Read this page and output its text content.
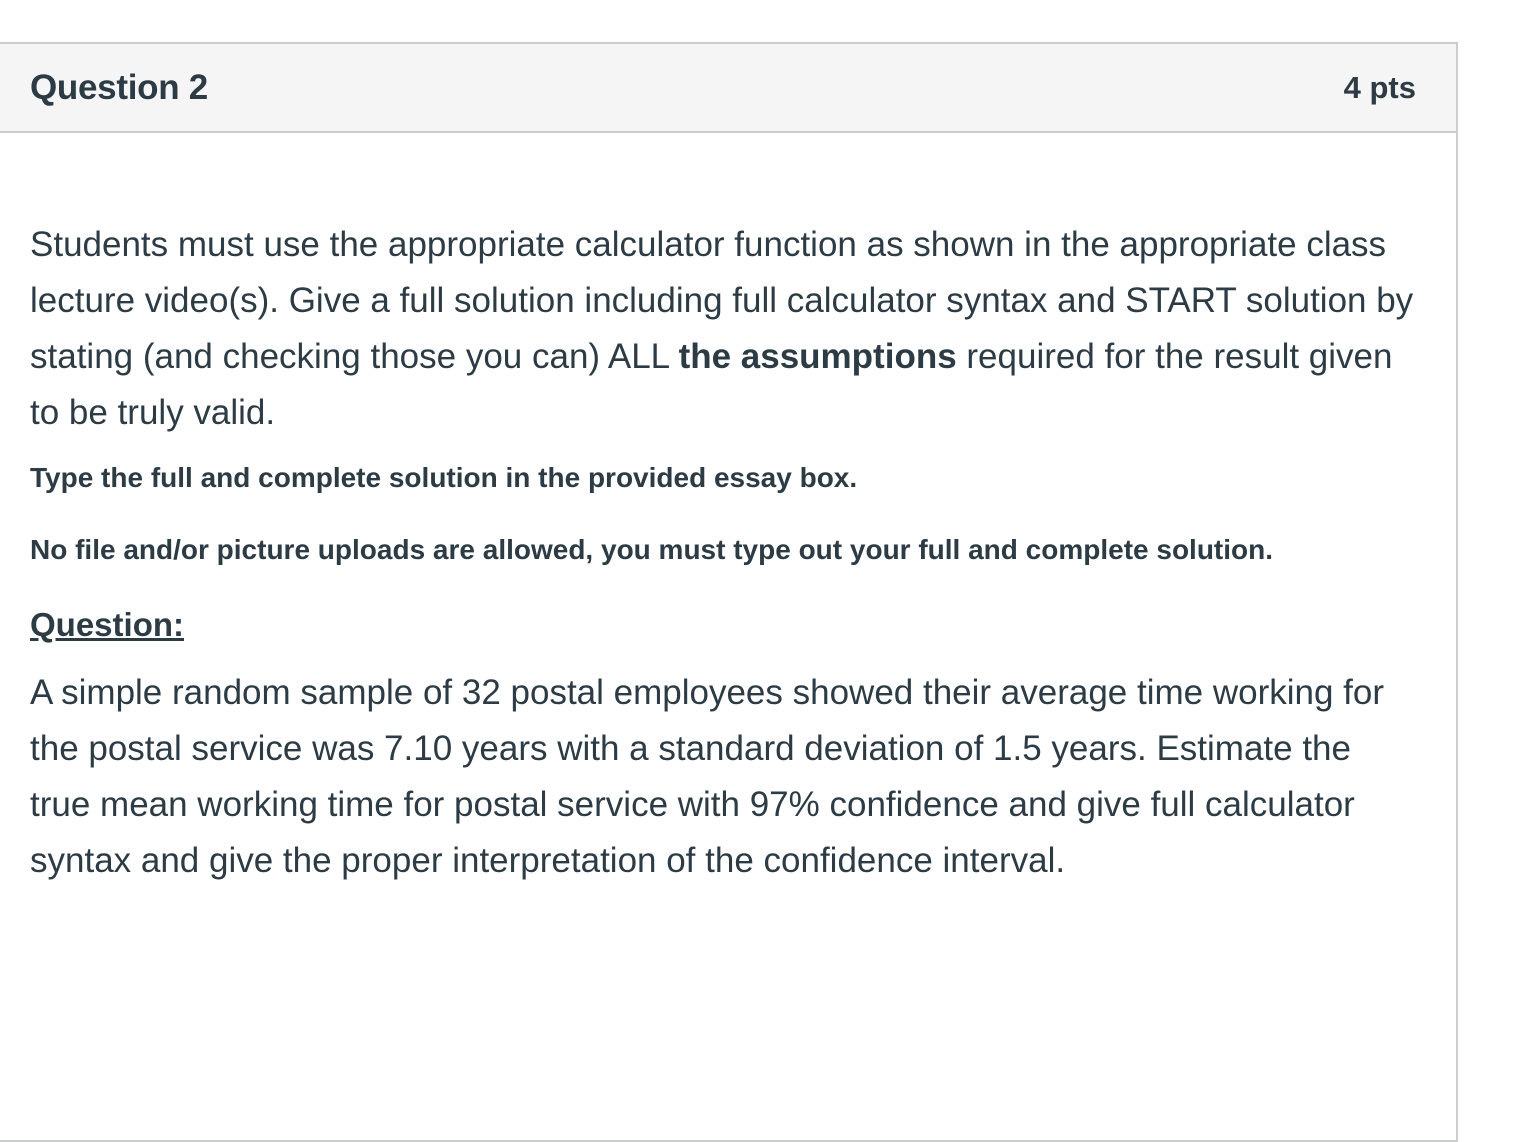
Question 2	4 pts

Students must use the appropriate calculator function as shown in the appropriate class lecture video(s). Give a full solution including full calculator syntax and START solution by stating (and checking those you can) ALL the assumptions required for the result given to be truly valid.

Type the full and complete solution in the provided essay box.

No file and/or picture uploads are allowed, you must type out your full and complete solution.

Question:

A simple random sample of 32 postal employees showed their average time working for the postal service was 7.10 years with a standard deviation of 1.5 years. Estimate the true mean working time for postal service with 97% confidence and give full calculator syntax and give the proper interpretation of the confidence interval.
